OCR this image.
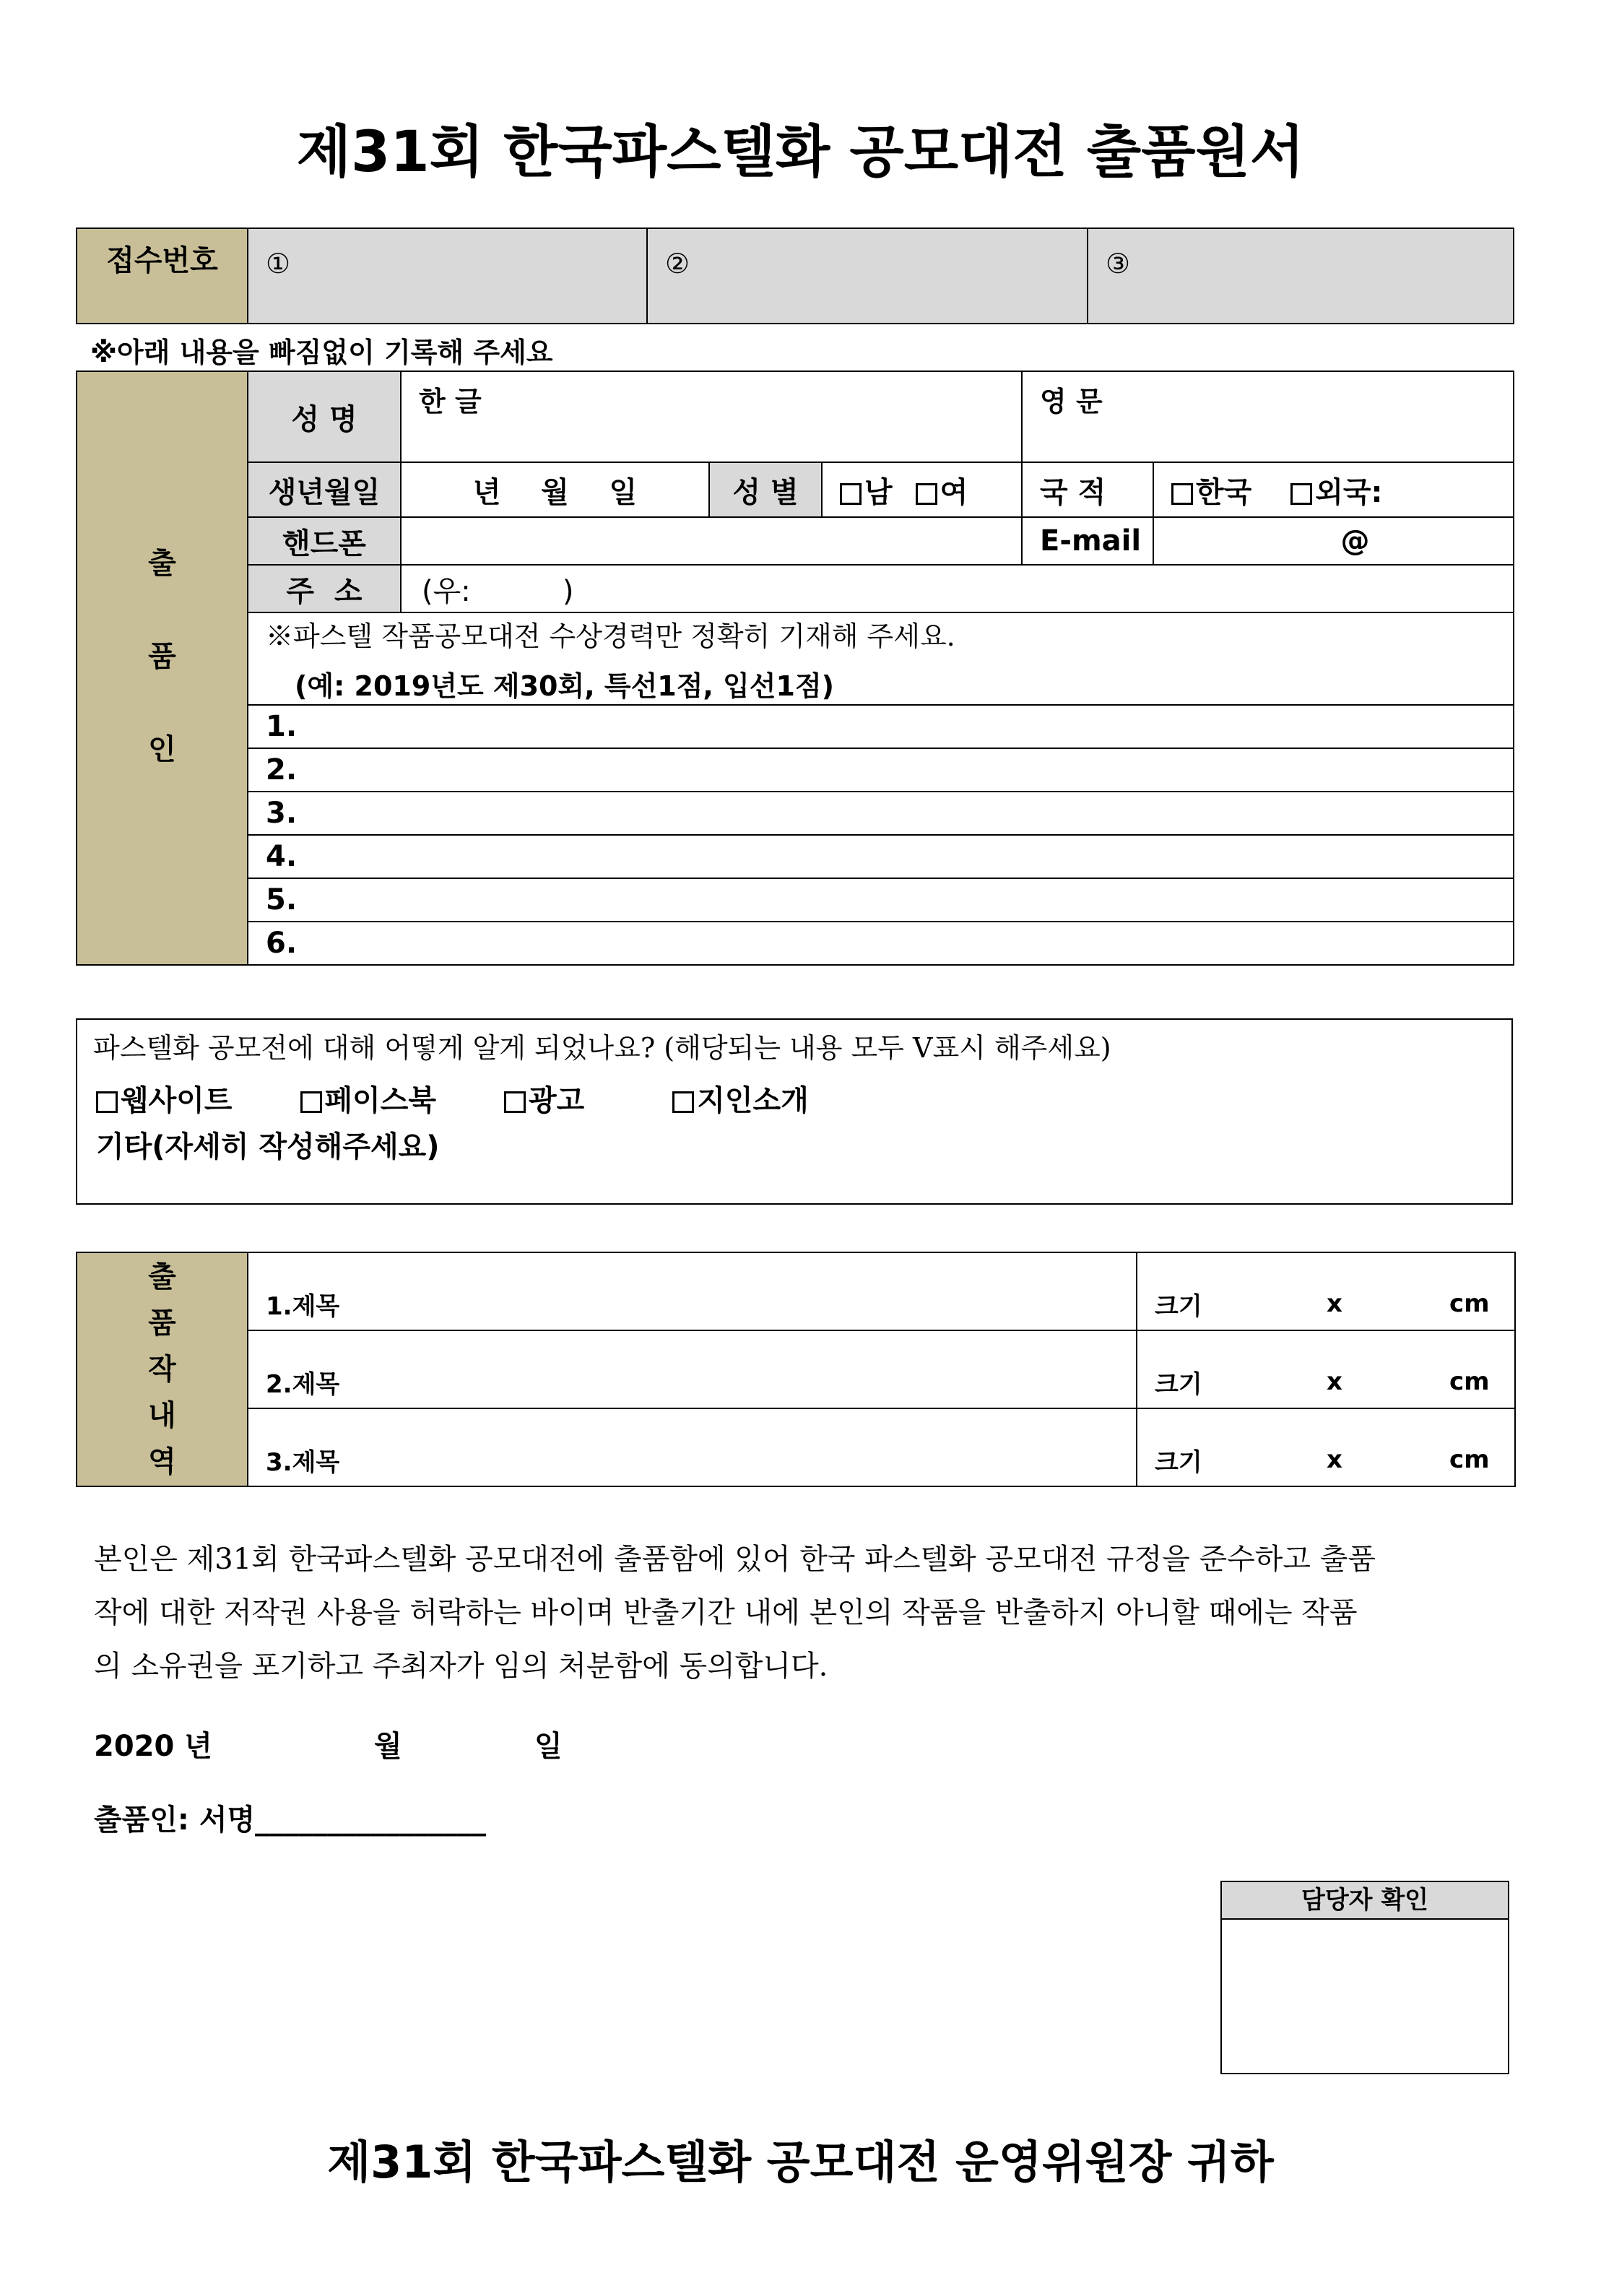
제31회 한국파스텔화 공모대전 출품원서
접수번호	①	②	③
※아래 내용을 빠짐없이 기록해 주세요
출
품
인	성 명	한 글			영 문	
	생년월일	년    월    일	성 별	남 여	국 적	한국 외국:
	핸드폰				E-mail	@
	주  소	(우:          )				

	※파스텔 작품공모대전 수상경력만 정확히 기재해 주세요.
(예: 2019년도 제30회, 특선1점, 입선1점)					

	1.					
	2.					
	3.					
	4.					
	5.					
	6.					
파스텔화 공모전에 대해 어떻게 알게 되었나요? (해당되는 내용 모두 V표시 해주세요)
웹사이트	페이스북	광고	지인소개
기타(자세히 작성해주세요)
출
품
작
내
역	1.제목	크기	x cm
	2.제목	크기	x cm
	3.제목	크기	x cm
본인은 제31회 한국파스텔화 공모대전에 출품함에 있어 한국 파스텔화 공모대전 규정을 준수하고 출품
작에 대한 저작권 사용을 허락하는 바이며 반출기간 내에 본인의 작품을 반출하지 아니할 때에는 작품
의 소유권을 포기하고 주최자가 임의 처분함에 동의합니다.
2020 년	월	일
출품인: 서명________________
담당자 확인
제31회 한국파스텔화 공모대전 운영위원장 귀하
